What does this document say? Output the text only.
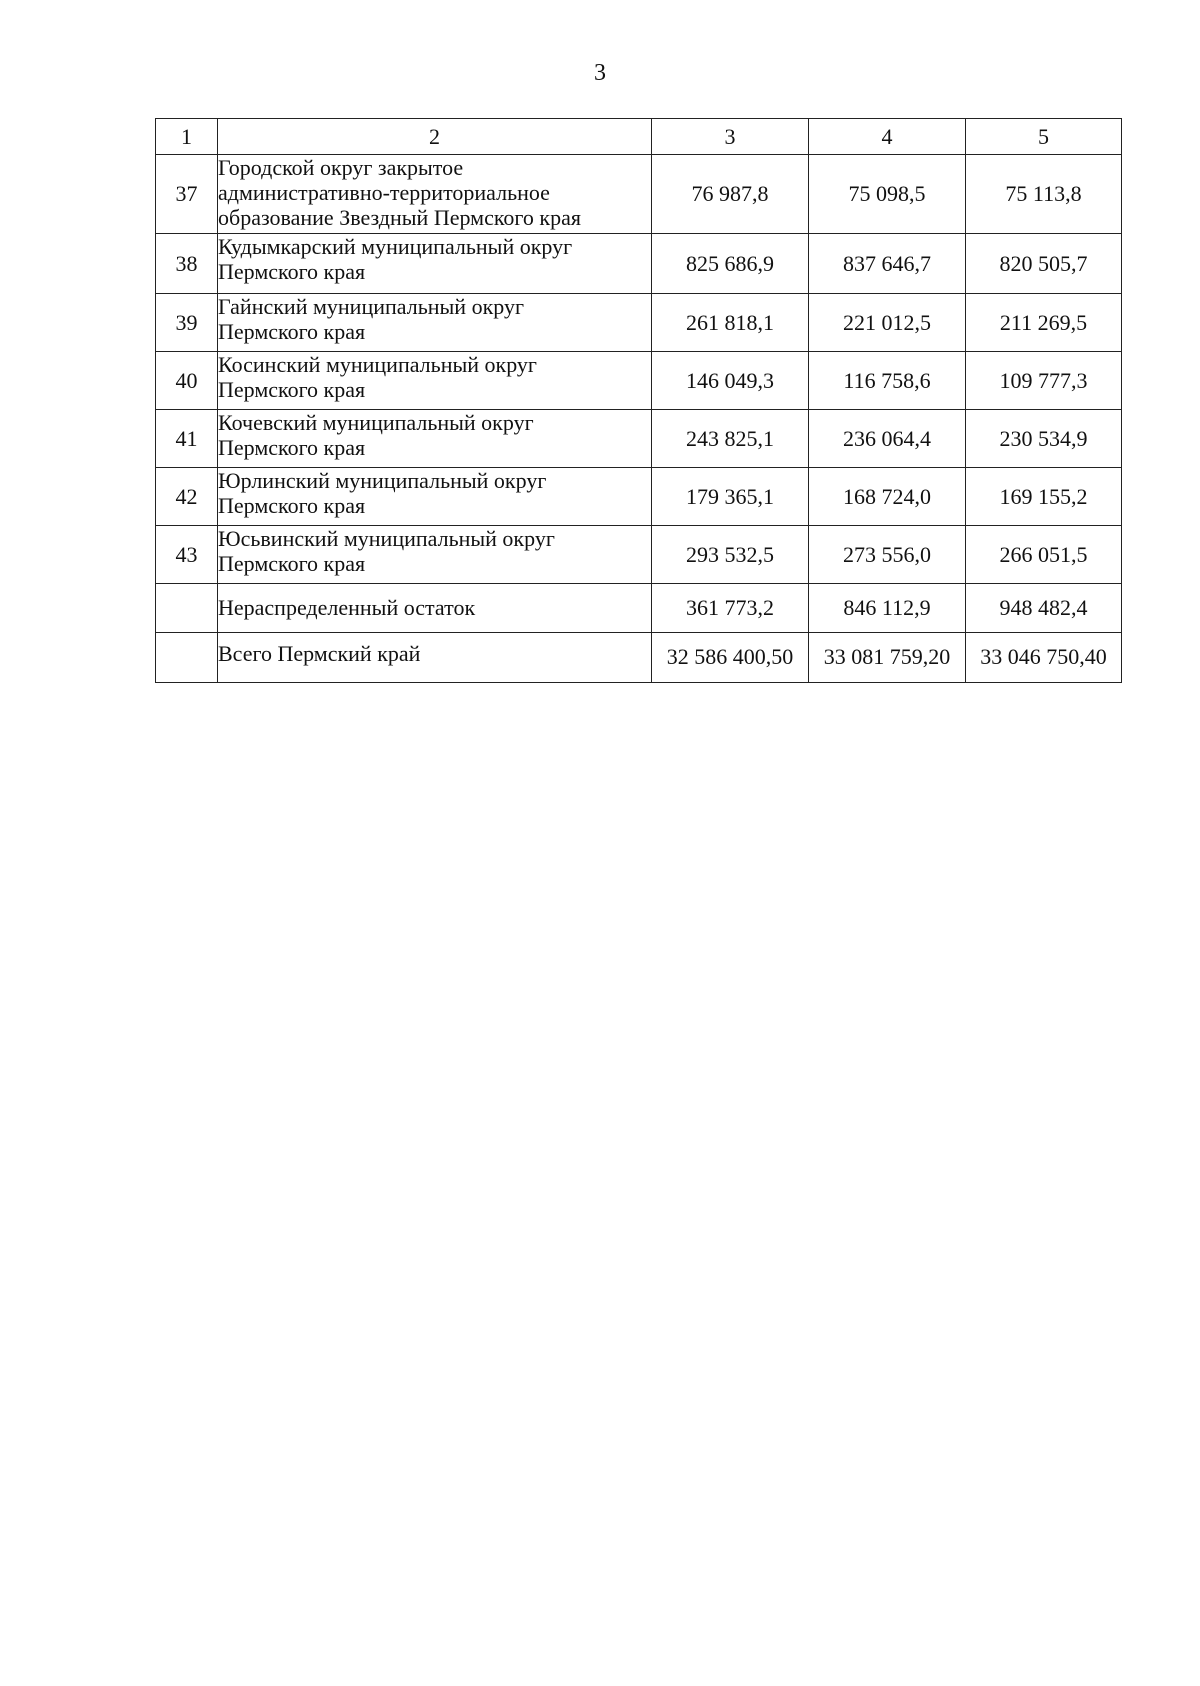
3
1	2	3	4	5
37	Городской округ закрытое
административно-территориальное
образование Звездный Пермского края	76 987,8	75 098,5	75 113,8
38	Кудымкарский муниципальный округ
Пермского края	825 686,9	837 646,7	820 505,7
39	Гайнский муниципальный округ
Пермского края	261 818,1	221 012,5	211 269,5
40	Косинский муниципальный округ
Пермского края	146 049,3	116 758,6	109 777,3
41	Кочевский муниципальный округ
Пермского края	243 825,1	236 064,4	230 534,9
42	Юрлинский муниципальный округ
Пермского края	179 365,1	168 724,0	169 155,2
43	Юсьвинский муниципальный округ
Пермского края	293 532,5	273 556,0	266 051,5

	Нераспределенный остаток	361 773,2	846 112,9	948 482,4

	Всего Пермский край	32 586 400,50	33 081 759,20	33 046 750,40
